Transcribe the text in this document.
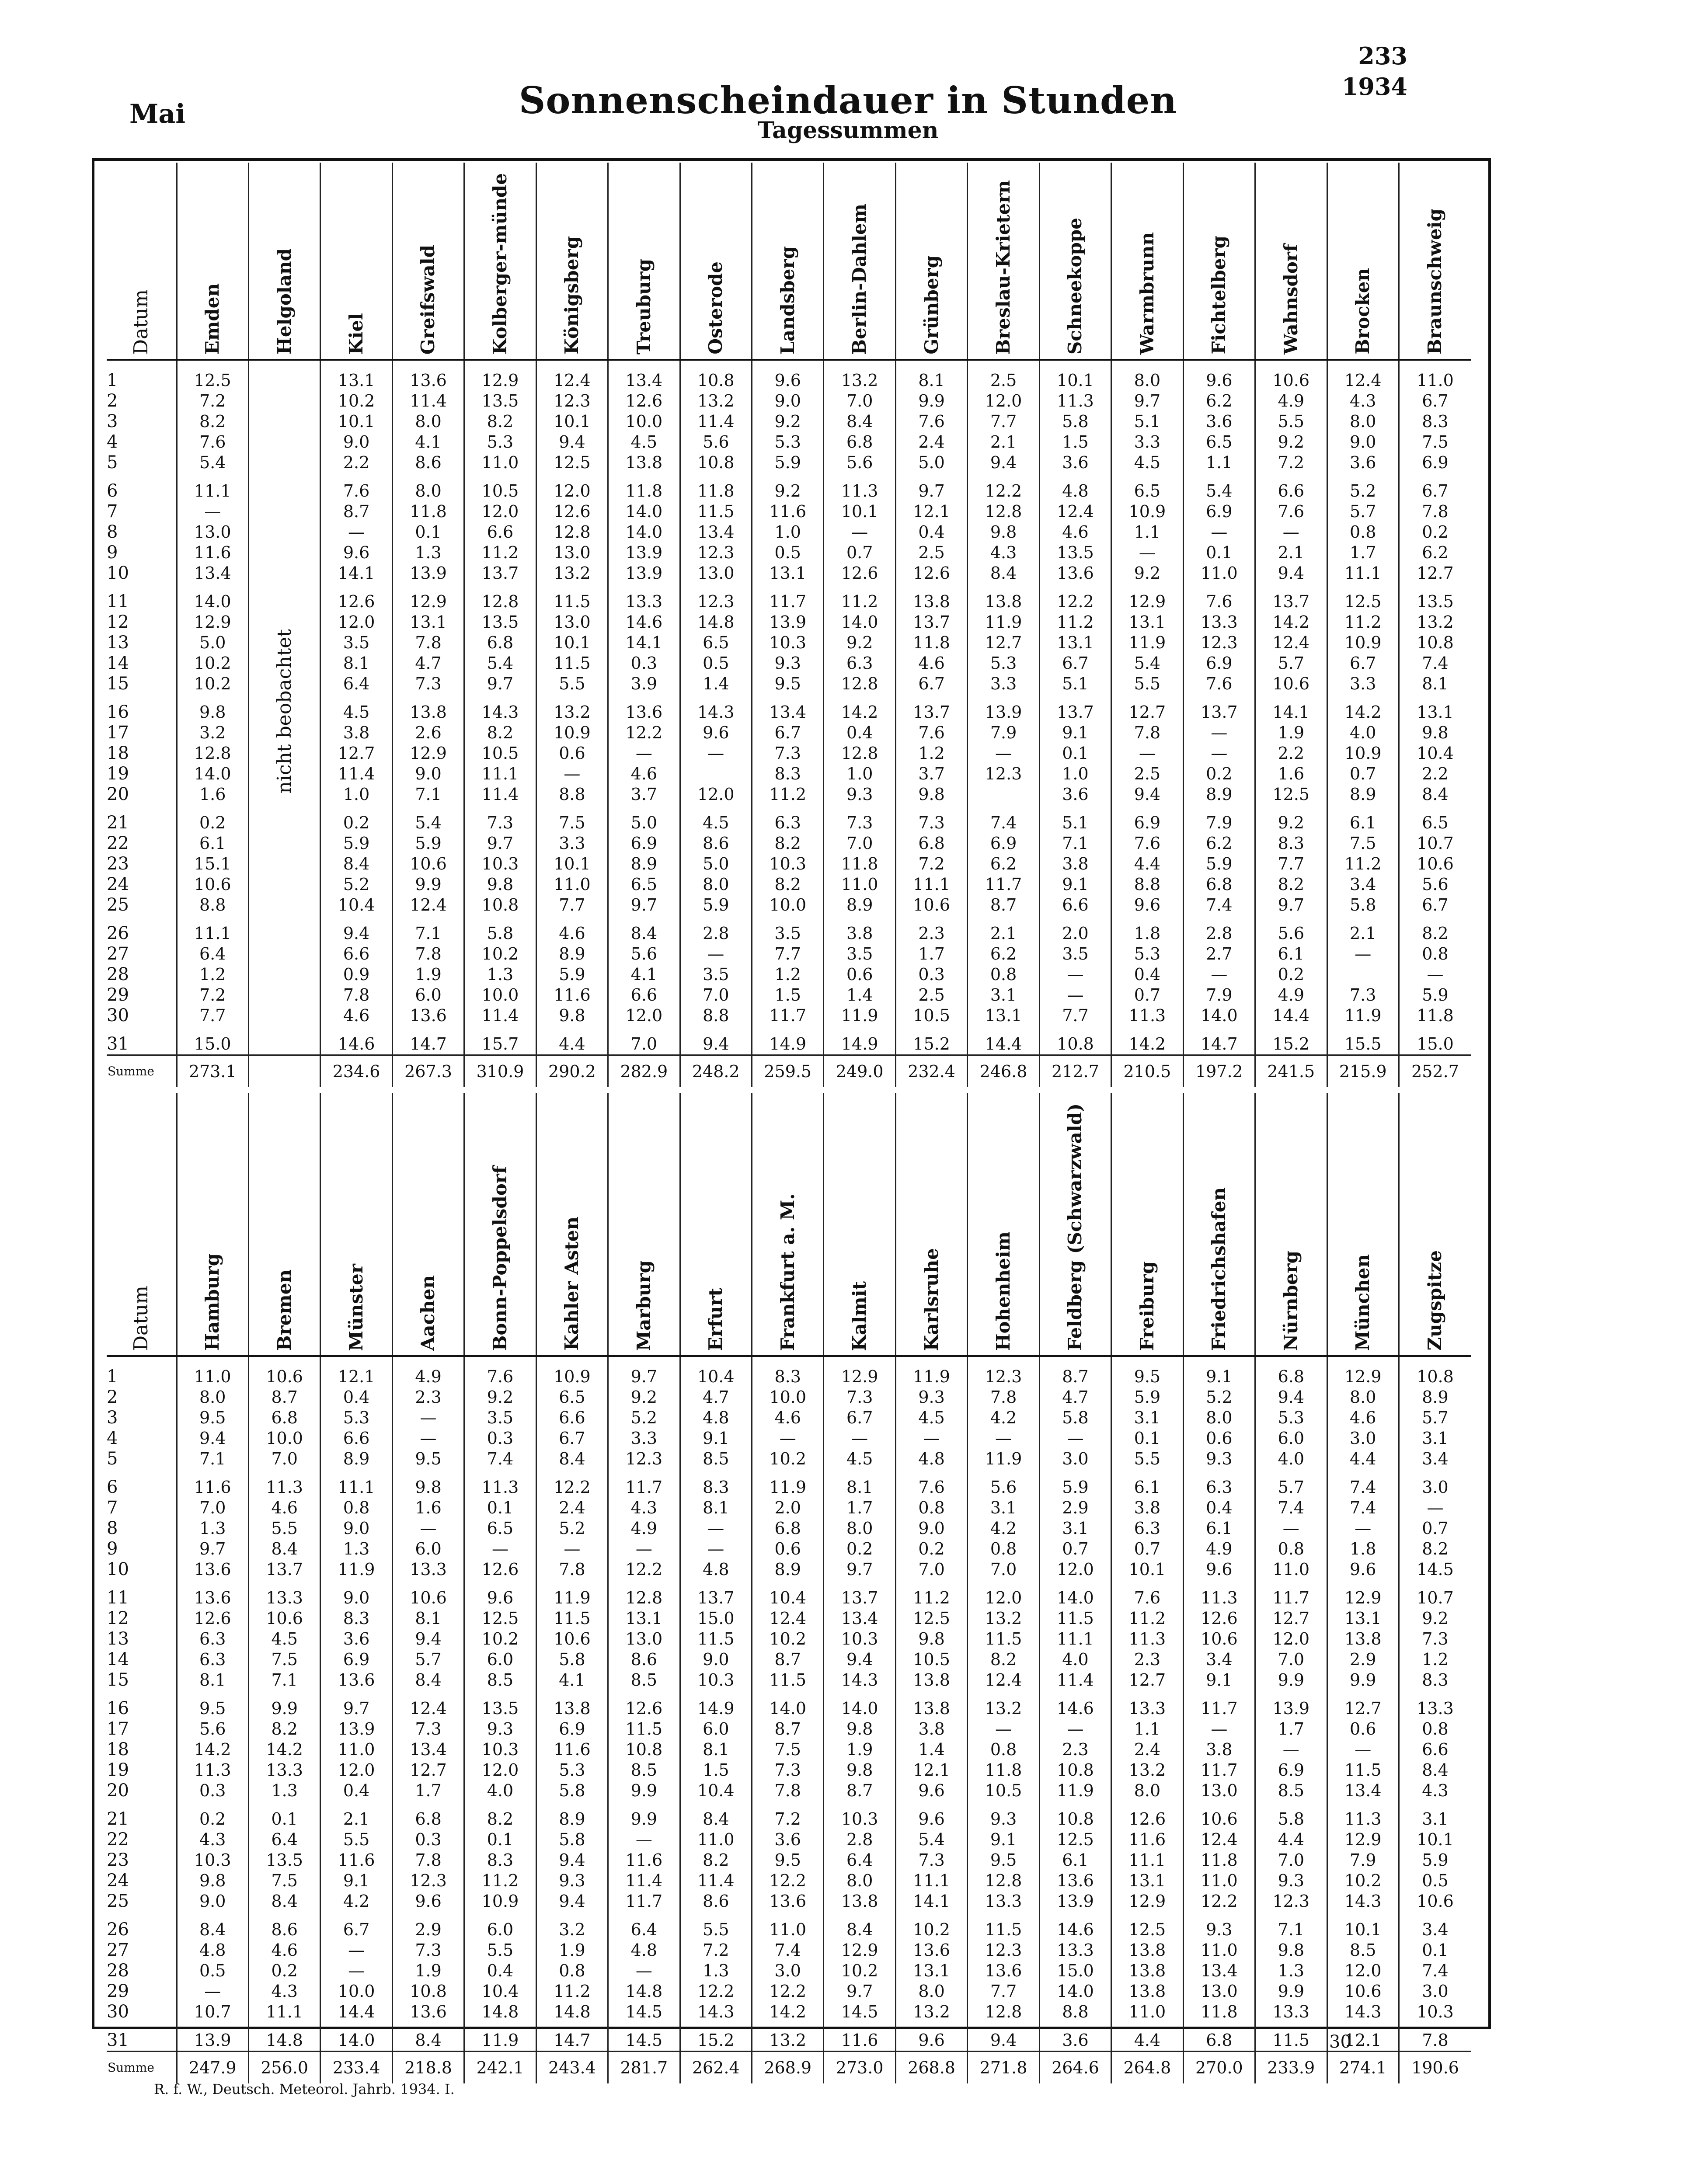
233
1934
Mai	Sonnenscheindauer in Stunden
Tagessummen
Datum	Emden	Helgoland	Kiel	Greifswald	Kolberger-münde	Königsberg	Treuburg	Osterode	Landsberg	Berlin-Dahlem	Grünberg	Breslau-Krietern	Schneekoppe	Warmbrunn	Fichtelberg	Wahnsdorf	Brocken	Braunschweig

1	12.5	nicht beobachtet	13.1	13.6	12.9	12.4	13.4	10.8	9.6	13.2	8.1	2.5	10.1	8.0	9.6	10.6	12.4	11.0
2	7.2		10.2	11.4	13.5	12.3	12.6	13.2	9.0	7.0	9.9	12.0	11.3	9.7	6.2	4.9	4.3	6.7
3	8.2		10.1	8.0	8.2	10.1	10.0	11.4	9.2	8.4	7.6	7.7	5.8	5.1	3.6	5.5	8.0	8.3
4	7.6		9.0	4.1	5.3	9.4	4.5	5.6	5.3	6.8	2.4	2.1	1.5	3.3	6.5	9.2	9.0	7.5
5	5.4		2.2	8.6	11.0	12.5	13.8	10.8	5.9	5.6	5.0	9.4	3.6	4.5	1.1	7.2	3.6	6.9
6	11.1		7.6	8.0	10.5	12.0	11.8	11.8	9.2	11.3	9.7	12.2	4.8	6.5	5.4	6.6	5.2	6.7
7	—		8.7	11.8	12.0	12.6	14.0	11.5	11.6	10.1	12.1	12.8	12.4	10.9	6.9	7.6	5.7	7.8
8	13.0		—	0.1	6.6	12.8	14.0	13.4	1.0	—	0.4	9.8	4.6	1.1	—	—	0.8	0.2
9	11.6		9.6	1.3	11.2	13.0	13.9	12.3	0.5	0.7	2.5	4.3	13.5	—	0.1	2.1	1.7	6.2
10	13.4		14.1	13.9	13.7	13.2	13.9	13.0	13.1	12.6	12.6	8.4	13.6	9.2	11.0	9.4	11.1	12.7
11	14.0		12.6	12.9	12.8	11.5	13.3	12.3	11.7	11.2	13.8	13.8	12.2	12.9	7.6	13.7	12.5	13.5
12	12.9		12.0	13.1	13.5	13.0	14.6	14.8	13.9	14.0	13.7	11.9	11.2	13.1	13.3	14.2	11.2	13.2
13	5.0		3.5	7.8	6.8	10.1	14.1	6.5	10.3	9.2	11.8	12.7	13.1	11.9	12.3	12.4	10.9	10.8
14	10.2		8.1	4.7	5.4	11.5	0.3	0.5	9.3	6.3	4.6	5.3	6.7	5.4	6.9	5.7	6.7	7.4
15	10.2		6.4	7.3	9.7	5.5	3.9	1.4	9.5	12.8	6.7	3.3	5.1	5.5	7.6	10.6	3.3	8.1
16	9.8		4.5	13.8	14.3	13.2	13.6	14.3	13.4	14.2	13.7	13.9	13.7	12.7	13.7	14.1	14.2	13.1
17	3.2		3.8	2.6	8.2	10.9	12.2	9.6	6.7	0.4	7.6	7.9	9.1	7.8	—	1.9	4.0	9.8
18	12.8		12.7	12.9	10.5	0.6	—	—	7.3	12.8	1.2	—	0.1	—	—	2.2	10.9	10.4
19	14.0		11.4	9.0	11.1	—	4.6		8.3	1.0	3.7	12.3	1.0	2.5	0.2	1.6	0.7	2.2
20	1.6		1.0	7.1	11.4	8.8	3.7	12.0	11.2	9.3	9.8		3.6	9.4	8.9	12.5	8.9	8.4
21	0.2		0.2	5.4	7.3	7.5	5.0	4.5	6.3	7.3	7.3	7.4	5.1	6.9	7.9	9.2	6.1	6.5
22	6.1		5.9	5.9	9.7	3.3	6.9	8.6	8.2	7.0	6.8	6.9	7.1	7.6	6.2	8.3	7.5	10.7
23	15.1		8.4	10.6	10.3	10.1	8.9	5.0	10.3	11.8	7.2	6.2	3.8	4.4	5.9	7.7	11.2	10.6
24	10.6		5.2	9.9	9.8	11.0	6.5	8.0	8.2	11.0	11.1	11.7	9.1	8.8	6.8	8.2	3.4	5.6
25	8.8		10.4	12.4	10.8	7.7	9.7	5.9	10.0	8.9	10.6	8.7	6.6	9.6	7.4	9.7	5.8	6.7
26	11.1		9.4	7.1	5.8	4.6	8.4	2.8	3.5	3.8	2.3	2.1	2.0	1.8	2.8	5.6	2.1	8.2
27	6.4		6.6	7.8	10.2	8.9	5.6	—	7.7	3.5	1.7	6.2	3.5	5.3	2.7	6.1	—	0.8
28	1.2		0.9	1.9	1.3	5.9	4.1	3.5	1.2	0.6	0.3	0.8	—	0.4	—	0.2		—
29	7.2		7.8	6.0	10.0	11.6	6.6	7.0	1.5	1.4	2.5	3.1	—	0.7	7.9	4.9	7.3	5.9
30	7.7		4.6	13.6	11.4	9.8	12.0	8.8	11.7	11.9	10.5	13.1	7.7	11.3	14.0	14.4	11.9	11.8
31	15.0		14.6	14.7	15.7	4.4	7.0	9.4	14.9	14.9	15.2	14.4	10.8	14.2	14.7	15.2	15.5	15.0
Summe	273.1		234.6	267.3	310.9	290.2	282.9	248.2	259.5	249.0	232.4	246.8	212.7	210.5	197.2	241.5	215.9	252.7
Datum	Hamburg	Bremen	Münster	Aachen	Bonn-Poppelsdorf	Kahler Asten	Marburg	Erfurt	Frankfurt a. M.	Kalmit	Karlsruhe	Hohenheim	Feldberg (Schwarzwald)	Freiburg	Friedrichshafen	Nürnberg	München	Zugspitze

1	11.0	10.6	12.1	4.9	7.6	10.9	9.7	10.4	8.3	12.9	11.9	12.3	8.7	9.5	9.1	6.8	12.9	10.8
2	8.0	8.7	0.4	2.3	9.2	6.5	9.2	4.7	10.0	7.3	9.3	7.8	4.7	5.9	5.2	9.4	8.0	8.9
3	9.5	6.8	5.3	—	3.5	6.6	5.2	4.8	4.6	6.7	4.5	4.2	5.8	3.1	8.0	5.3	4.6	5.7
4	9.4	10.0	6.6	—	0.3	6.7	3.3	9.1	—	—	—	—	—	0.1	0.6	6.0	3.0	3.1
5	7.1	7.0	8.9	9.5	7.4	8.4	12.3	8.5	10.2	4.5	4.8	11.9	3.0	5.5	9.3	4.0	4.4	3.4
6	11.6	11.3	11.1	9.8	11.3	12.2	11.7	8.3	11.9	8.1	7.6	5.6	5.9	6.1	6.3	5.7	7.4	3.0
7	7.0	4.6	0.8	1.6	0.1	2.4	4.3	8.1	2.0	1.7	0.8	3.1	2.9	3.8	0.4	7.4	7.4	—
8	1.3	5.5	9.0	—	6.5	5.2	4.9	—	6.8	8.0	9.0	4.2	3.1	6.3	6.1	—	—	0.7
9	9.7	8.4	1.3	6.0	—	—	—	—	0.6	0.2	0.2	0.8	0.7	0.7	4.9	0.8	1.8	8.2
10	13.6	13.7	11.9	13.3	12.6	7.8	12.2	4.8	8.9	9.7	7.0	7.0	12.0	10.1	9.6	11.0	9.6	14.5
11	13.6	13.3	9.0	10.6	9.6	11.9	12.8	13.7	10.4	13.7	11.2	12.0	14.0	7.6	11.3	11.7	12.9	10.7
12	12.6	10.6	8.3	8.1	12.5	11.5	13.1	15.0	12.4	13.4	12.5	13.2	11.5	11.2	12.6	12.7	13.1	9.2
13	6.3	4.5	3.6	9.4	10.2	10.6	13.0	11.5	10.2	10.3	9.8	11.5	11.1	11.3	10.6	12.0	13.8	7.3
14	6.3	7.5	6.9	5.7	6.0	5.8	8.6	9.0	8.7	9.4	10.5	8.2	4.0	2.3	3.4	7.0	2.9	1.2
15	8.1	7.1	13.6	8.4	8.5	4.1	8.5	10.3	11.5	14.3	13.8	12.4	11.4	12.7	9.1	9.9	9.9	8.3
16	9.5	9.9	9.7	12.4	13.5	13.8	12.6	14.9	14.0	14.0	13.8	13.2	14.6	13.3	11.7	13.9	12.7	13.3
17	5.6	8.2	13.9	7.3	9.3	6.9	11.5	6.0	8.7	9.8	3.8	—	—	1.1	—	1.7	0.6	0.8
18	14.2	14.2	11.0	13.4	10.3	11.6	10.8	8.1	7.5	1.9	1.4	0.8	2.3	2.4	3.8	—	—	6.6
19	11.3	13.3	12.0	12.7	12.0	5.3	8.5	1.5	7.3	9.8	12.1	11.8	10.8	13.2	11.7	6.9	11.5	8.4
20	0.3	1.3	0.4	1.7	4.0	5.8	9.9	10.4	7.8	8.7	9.6	10.5	11.9	8.0	13.0	8.5	13.4	4.3
21	0.2	0.1	2.1	6.8	8.2	8.9	9.9	8.4	7.2	10.3	9.6	9.3	10.8	12.6	10.6	5.8	11.3	3.1
22	4.3	6.4	5.5	0.3	0.1	5.8	—	11.0	3.6	2.8	5.4	9.1	12.5	11.6	12.4	4.4	12.9	10.1
23	10.3	13.5	11.6	7.8	8.3	9.4	11.6	8.2	9.5	6.4	7.3	9.5	6.1	11.1	11.8	7.0	7.9	5.9
24	9.8	7.5	9.1	12.3	11.2	9.3	11.4	11.4	12.2	8.0	11.1	12.8	13.6	13.1	11.0	9.3	10.2	0.5
25	9.0	8.4	4.2	9.6	10.9	9.4	11.7	8.6	13.6	13.8	14.1	13.3	13.9	12.9	12.2	12.3	14.3	10.6
26	8.4	8.6	6.7	2.9	6.0	3.2	6.4	5.5	11.0	8.4	10.2	11.5	14.6	12.5	9.3	7.1	10.1	3.4
27	4.8	4.6	—	7.3	5.5	1.9	4.8	7.2	7.4	12.9	13.6	12.3	13.3	13.8	11.0	9.8	8.5	0.1
28	0.5	0.2	—	1.9	0.4	0.8	—	1.3	3.0	10.2	13.1	13.6	15.0	13.8	13.4	1.3	12.0	7.4
29	—	4.3	10.0	10.8	10.4	11.2	14.8	12.2	12.2	9.7	8.0	7.7	14.0	13.8	13.0	9.9	10.6	3.0
30	10.7	11.1	14.4	13.6	14.8	14.8	14.5	14.3	14.2	14.5	13.2	12.8	8.8	11.0	11.8	13.3	14.3	10.3
31	13.9	14.8	14.0	8.4	11.9	14.7	14.5	15.2	13.2	11.6	9.6	9.4	3.6	4.4	6.8	11.5	12.1	7.8
Summe	247.9	256.0	233.4	218.8	242.1	243.4	281.7	262.4	268.9	273.0	268.8	271.8	264.6	264.8	270.0	233.9	274.1	190.6
30
R. f. W., Deutsch. Meteorol. Jahrb. 1934. I.
